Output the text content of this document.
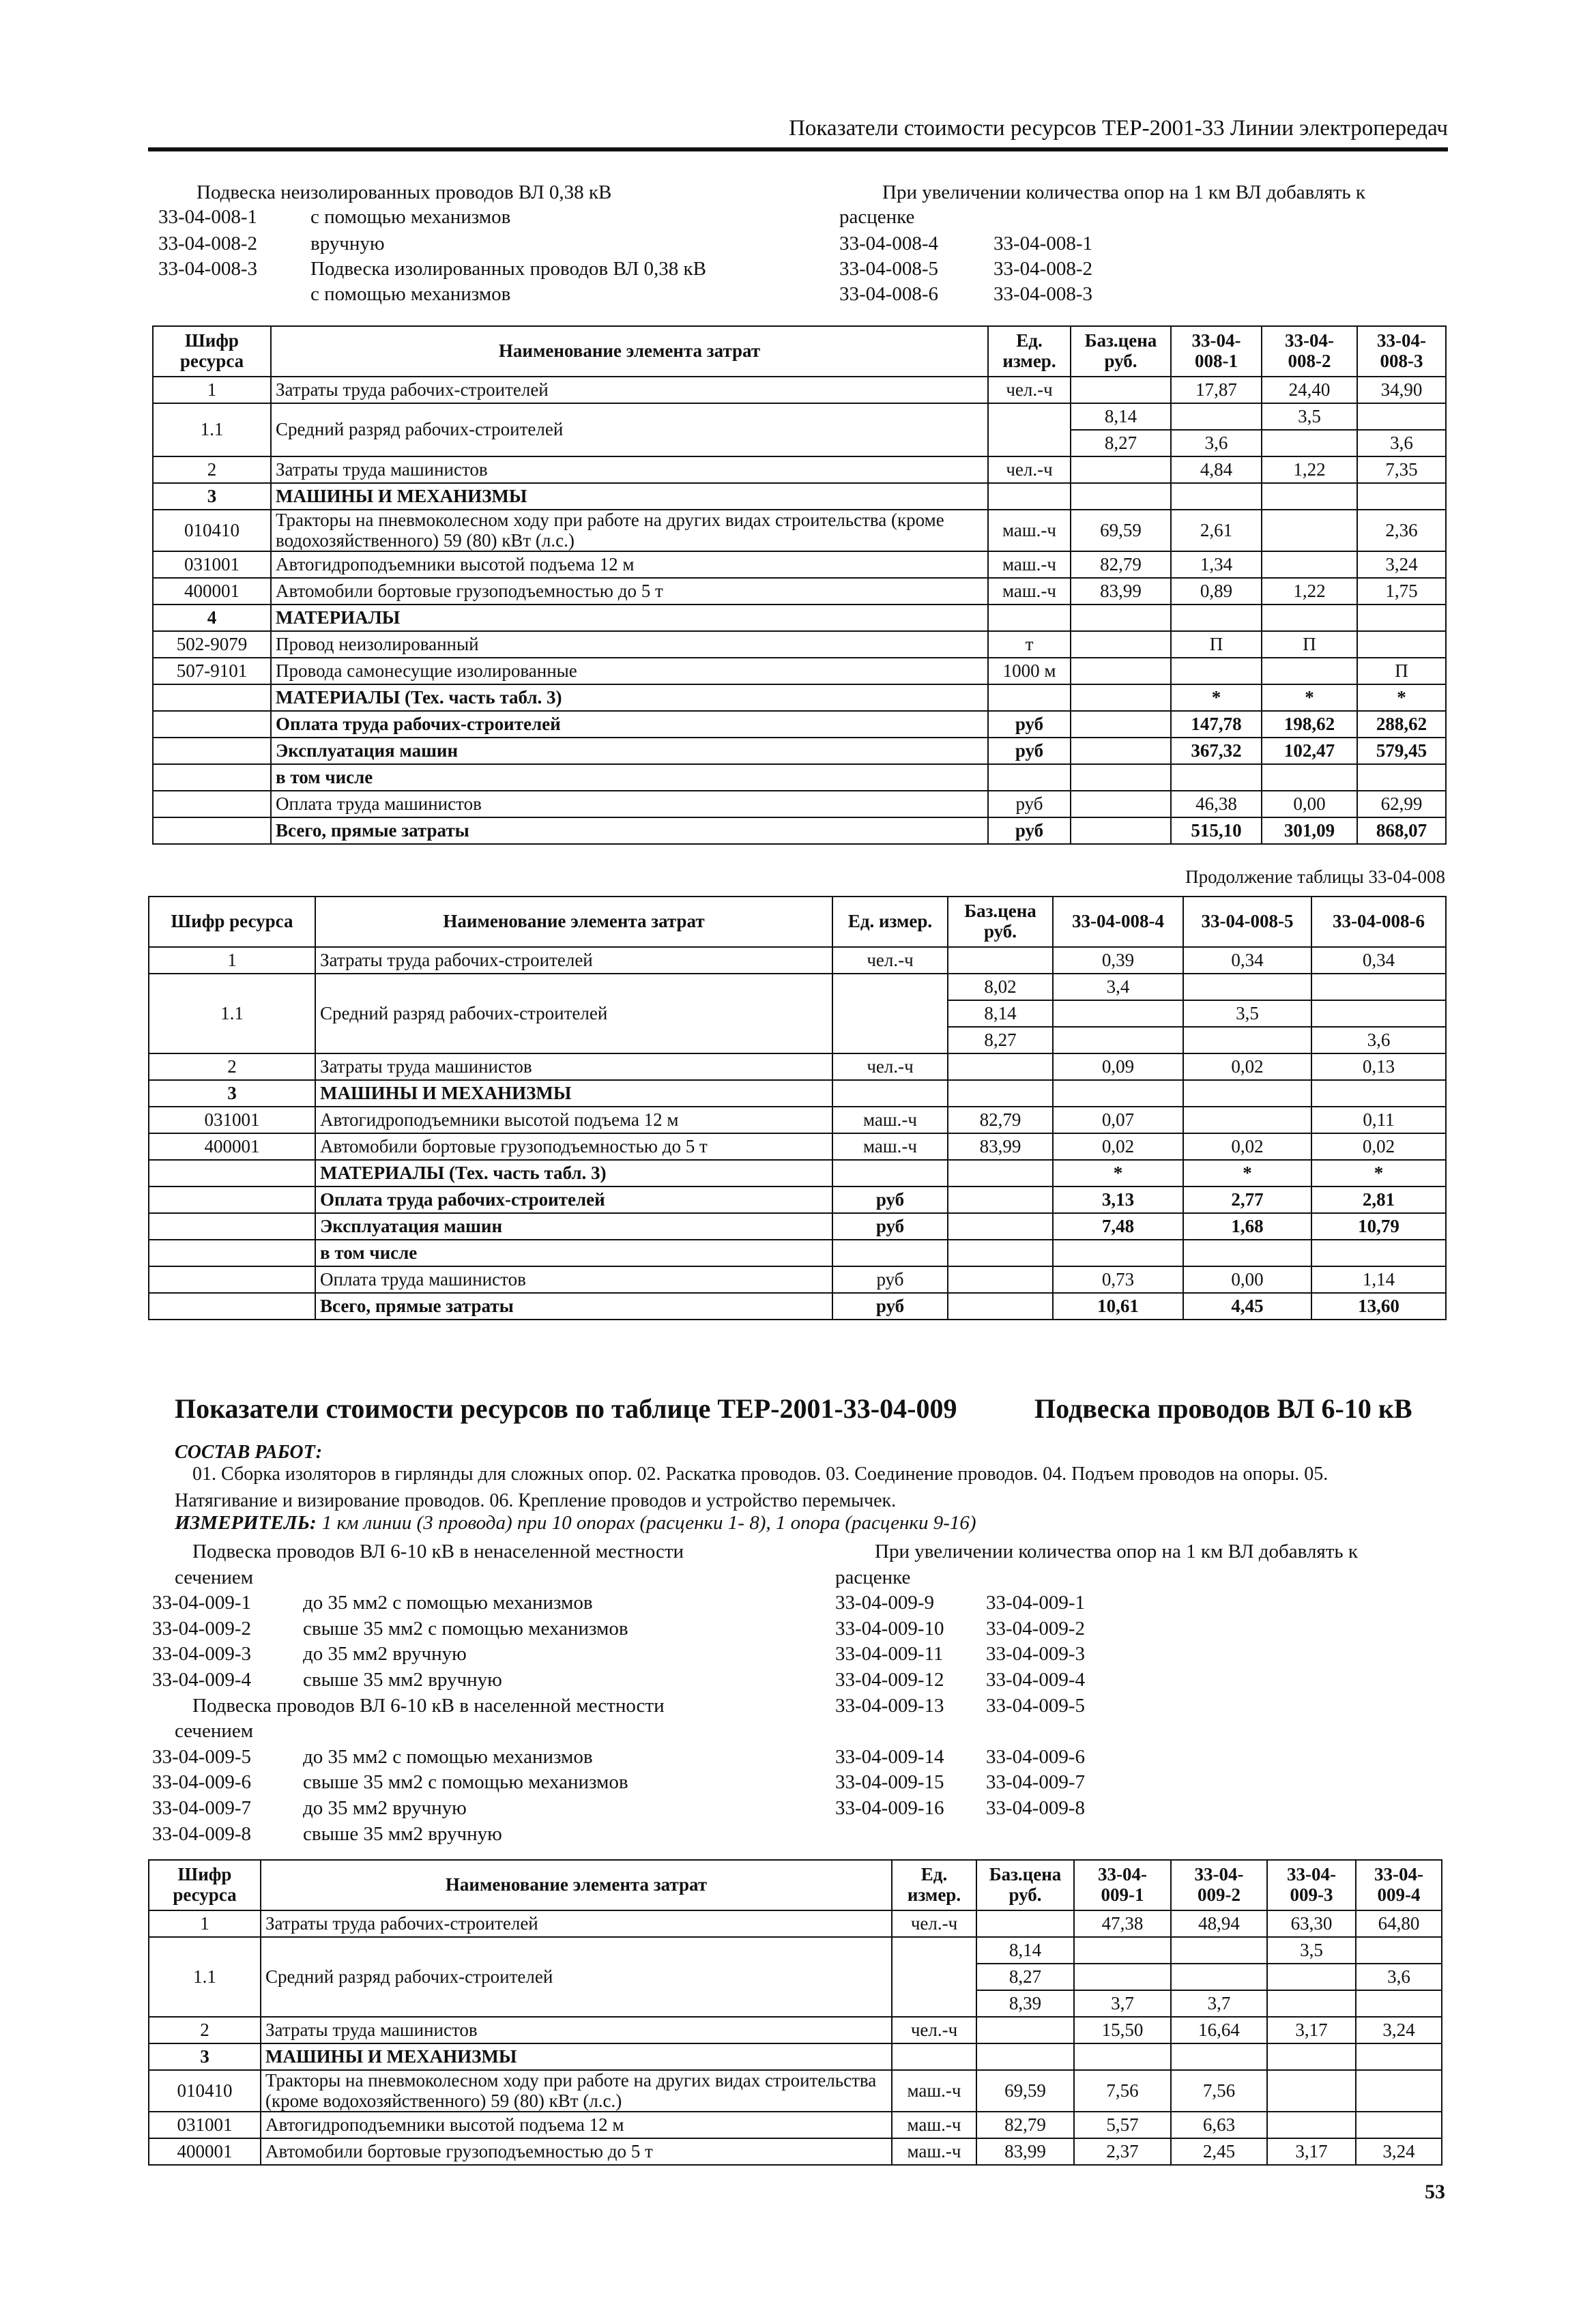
Показатели стоимости ресурсов ТЕР-2001-33 Линии электропередач
Подвеска неизолированных проводов ВЛ 0,38 кВ
33-04-008-1	с помощью механизмов
33-04-008-2	вручную
33-04-008-3	Подвеска изолированных проводов ВЛ 0,38 кВ
с помощью механизмов
При увеличении количества опор на 1 км ВЛ добавлять к
расценке
33-04-008-4	33-04-008-1
33-04-008-5	33-04-008-2
33-04-008-6	33-04-008-3
Шифр ресурса	Наименование элемента затрат	Ед. измер.	Баз.цена руб.	33-04-008-1	33-04-008-2	33-04-008-3
1	Затраты труда рабочих-строителей	чел.-ч		17,87	24,40	34,90
1.1	Средний разряд рабочих-строителей		8,14		3,5	
			8,27	3,6		3,6
2	Затраты труда машинистов	чел.-ч		4,84	1,22	7,35
3	МАШИНЫ И МЕХАНИЗМЫ					
010410	Тракторы на пневмоколесном ходу при работе на других видах строительства (кроме водохозяйственного) 59 (80) кВт (л.с.)	маш.-ч	69,59	2,61		2,36
031001	Автогидроподъемники высотой подъема 12 м	маш.-ч	82,79	1,34		3,24
400001	Автомобили бортовые грузоподъемностью до 5 т	маш.-ч	83,99	0,89	1,22	1,75
4	МАТЕРИАЛЫ					
502-9079	Провод неизолированный	т		П	П	
507-9101	Провода самонесущие изолированные	1000 м				П
	МАТЕРИАЛЫ (Тех. часть табл. 3)			*	*	*
	Оплата труда рабочих-строителей	руб		147,78	198,62	288,62
	Эксплуатация машин	руб		367,32	102,47	579,45
	в том числе					
	Оплата труда машинистов	руб		46,38	0,00	62,99
	Всего, прямые затраты	руб		515,10	301,09	868,07
Продолжение таблицы 33-04-008
Шифр ресурса	Наименование элемента затрат	Ед. измер.	Баз.цена руб.	33-04-008-4	33-04-008-5	33-04-008-6
1	Затраты труда рабочих-строителей	чел.-ч		0,39	0,34	0,34
1.1	Средний разряд рабочих-строителей		8,02	3,4		
			8,14		3,5	
			8,27			3,6
2	Затраты труда машинистов	чел.-ч		0,09	0,02	0,13
3	МАШИНЫ И МЕХАНИЗМЫ					
031001	Автогидроподъемники высотой подъема 12 м	маш.-ч	82,79	0,07		0,11
400001	Автомобили бортовые грузоподъемностью до 5 т	маш.-ч	83,99	0,02	0,02	0,02
	МАТЕРИАЛЫ (Тех. часть табл. 3)			*	*	*
	Оплата труда рабочих-строителей	руб		3,13	2,77	2,81
	Эксплуатация машин	руб		7,48	1,68	10,79
	в том числе					
	Оплата труда машинистов	руб		0,73	0,00	1,14
	Всего, прямые затраты	руб		10,61	4,45	13,60
Показатели стоимости ресурсов по таблице ТЕР-2001-33-04-009	Подвеска проводов ВЛ 6-10 кВ
СОСТАВ РАБОТ:
01. Сборка изоляторов в гирлянды для сложных опор. 02. Раскатка проводов. 03. Соединение проводов. 04. Подъем проводов на опоры. 05. Натягивание и визирование проводов. 06. Крепление проводов и устройство перемычек.
ИЗМЕРИТЕЛЬ: 1 км линии (3 провода) при 10 опорах (расценки 1- 8), 1 опора (расценки 9-16)
Подвеска проводов ВЛ 6-10 кВ в ненаселенной местности
сечением
33-04-009-1	до 35 мм2 с помощью механизмов
33-04-009-2	свыше 35 мм2 с помощью механизмов
33-04-009-3	до 35 мм2 вручную
33-04-009-4	свыше 35 мм2 вручную
Подвеска проводов ВЛ 6-10 кВ в населенной местности
сечением
33-04-009-5	до 35 мм2 с помощью механизмов
33-04-009-6	свыше 35 мм2 с помощью механизмов
33-04-009-7	до 35 мм2 вручную
33-04-009-8	свыше 35 мм2 вручную
При увеличении количества опор на 1 км ВЛ добавлять к
расценке
33-04-009-9	33-04-009-1
33-04-009-10 33-04-009-2
33-04-009-11 33-04-009-3
33-04-009-12 33-04-009-4
33-04-009-13 33-04-009-5
33-04-009-14 33-04-009-6
33-04-009-15 33-04-009-7
33-04-009-16 33-04-009-8
Шифр ресурса	Наименование элемента затрат	Ед. измер.	Баз.цена руб.	33-04-009-1	33-04-009-2	33-04-009-3	33-04-009-4
1	Затраты труда рабочих-строителей	чел.-ч		47,38	48,94	63,30	64,80
1.1	Средний разряд рабочих-строителей		8,14			3,5	
			8,27				3,6
			8,39	3,7	3,7		
2	Затраты труда машинистов	чел.-ч		15,50	16,64	3,17	3,24
3	МАШИНЫ И МЕХАНИЗМЫ						
010410	Тракторы на пневмоколесном ходу при работе на других видах строительства (кроме водохозяйственного) 59 (80) кВт (л.с.)	маш.-ч	69,59	7,56	7,56		
031001	Автогидроподъемники высотой подъема 12 м	маш.-ч	82,79	5,57	6,63		
400001	Автомобили бортовые грузоподъемностью до 5 т	маш.-ч	83,99	2,37	2,45	3,17	3,24
53
